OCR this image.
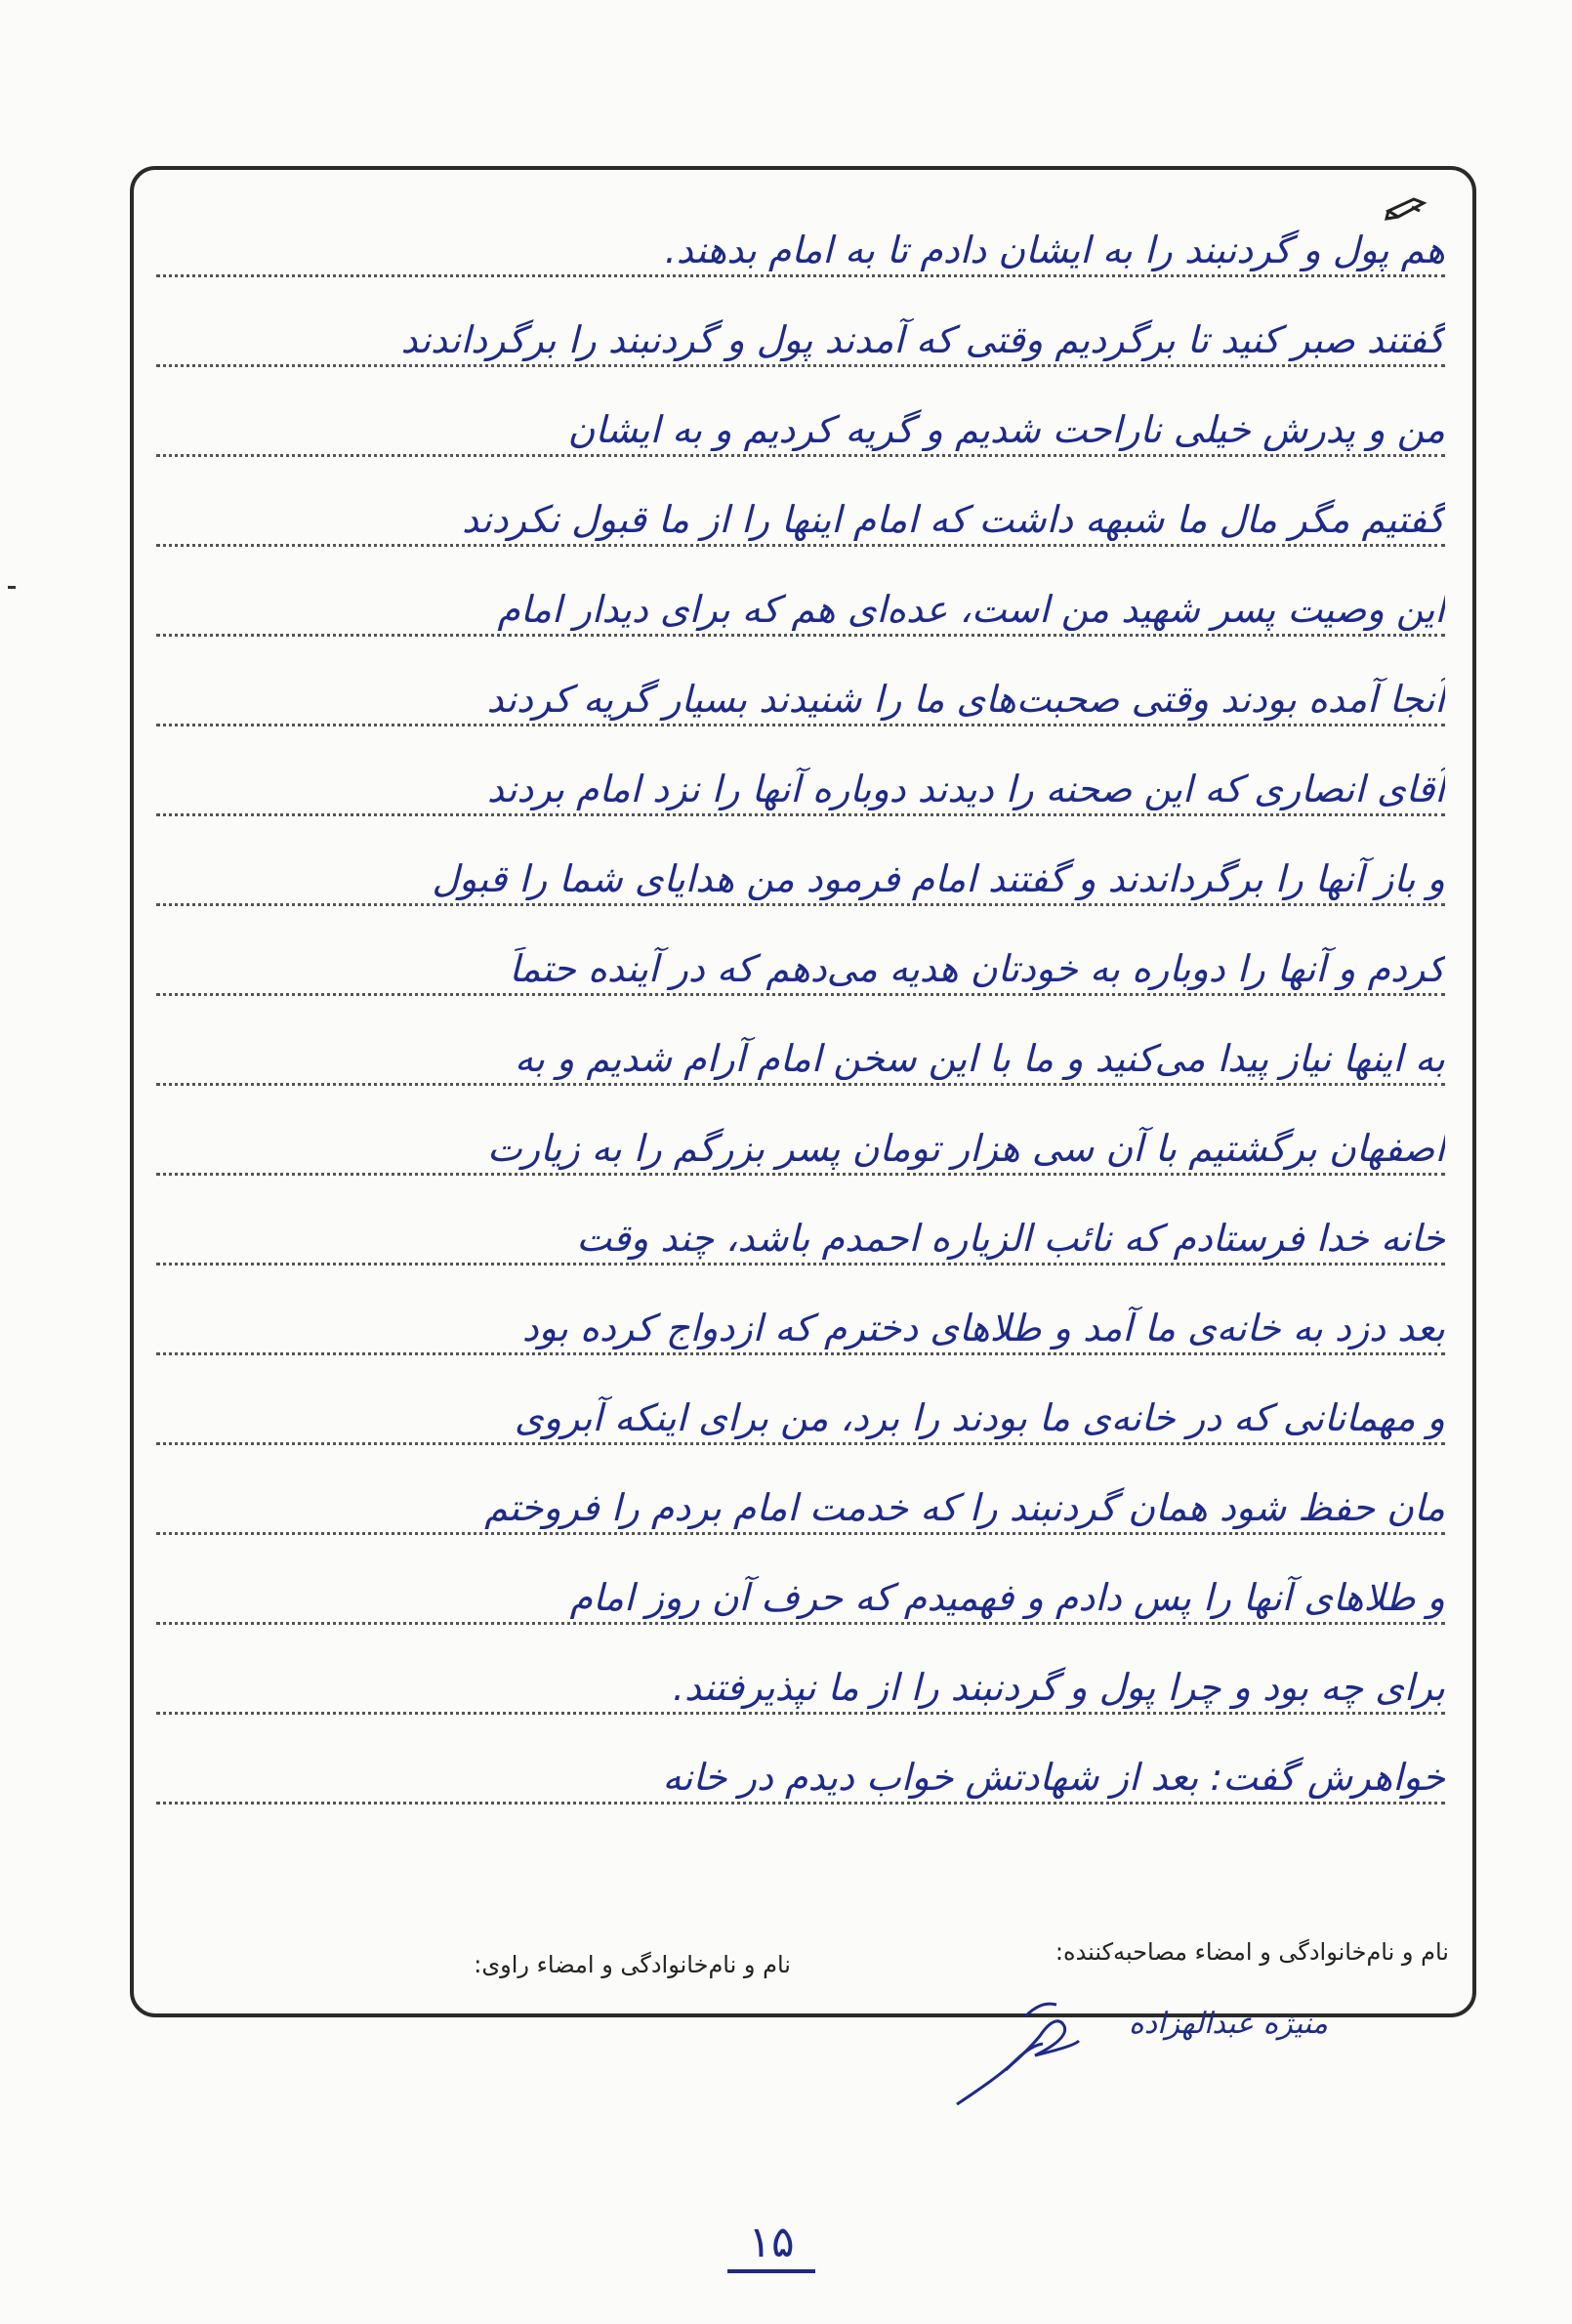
هم پول و گردنبند را به ایشان دادم تا به امام بدهند.
گفتند صبر کنید تا برگردیم وقتی که آمدند پول و گردنبند را برگرداندند
من و پدرش خیلی ناراحت شدیم و گریه کردیم و به ایشان
گفتیم مگر مال ما شبهه داشت که امام اینها را از ما قبول نکردند
این وصیت پسر شهید من است، عده‌ای هم که برای دیدار امام
آنجا آمده بودند وقتی صحبت‌های ما را شنیدند بسیار گریه کردند
آقای انصاری که این صحنه را دیدند دوباره آنها را نزد امام بردند
و باز آنها را برگرداندند و گفتند امام فرمود من هدایای شما را قبول
کردم و آنها را دوباره به خودتان هدیه می‌دهم که در آینده حتماً
به اینها نیاز پیدا می‌کنید و ما با این سخن امام آرام شدیم و به
اصفهان برگشتیم با آن سی هزار تومان پسر بزرگم را به زیارت
خانه خدا فرستادم که نائب الزیاره احمدم باشد، چند وقت
بعد دزد به خانه‌ی ما آمد و طلاهای دخترم که ازدواج کرده بود
و مهمانانی که در خانه‌ی ما بودند را برد، من برای اینکه آبروی
مان حفظ شود همان گردنبند را که خدمت امام بردم را فروختم
و طلاهای آنها را پس دادم و فهمیدم که حرف آن روز امام
برای چه بود و چرا پول و گردنبند را از ما نپذیرفتند.
خواهرش گفت: بعد از شهادتش خواب دیدم در خانه
نام و نام‌خانوادگی و امضاء مصاحبه‌کننده:
نام و نام‌خانوادگی و امضاء راوی:
منیژه عبدالهزاده
۱۵
